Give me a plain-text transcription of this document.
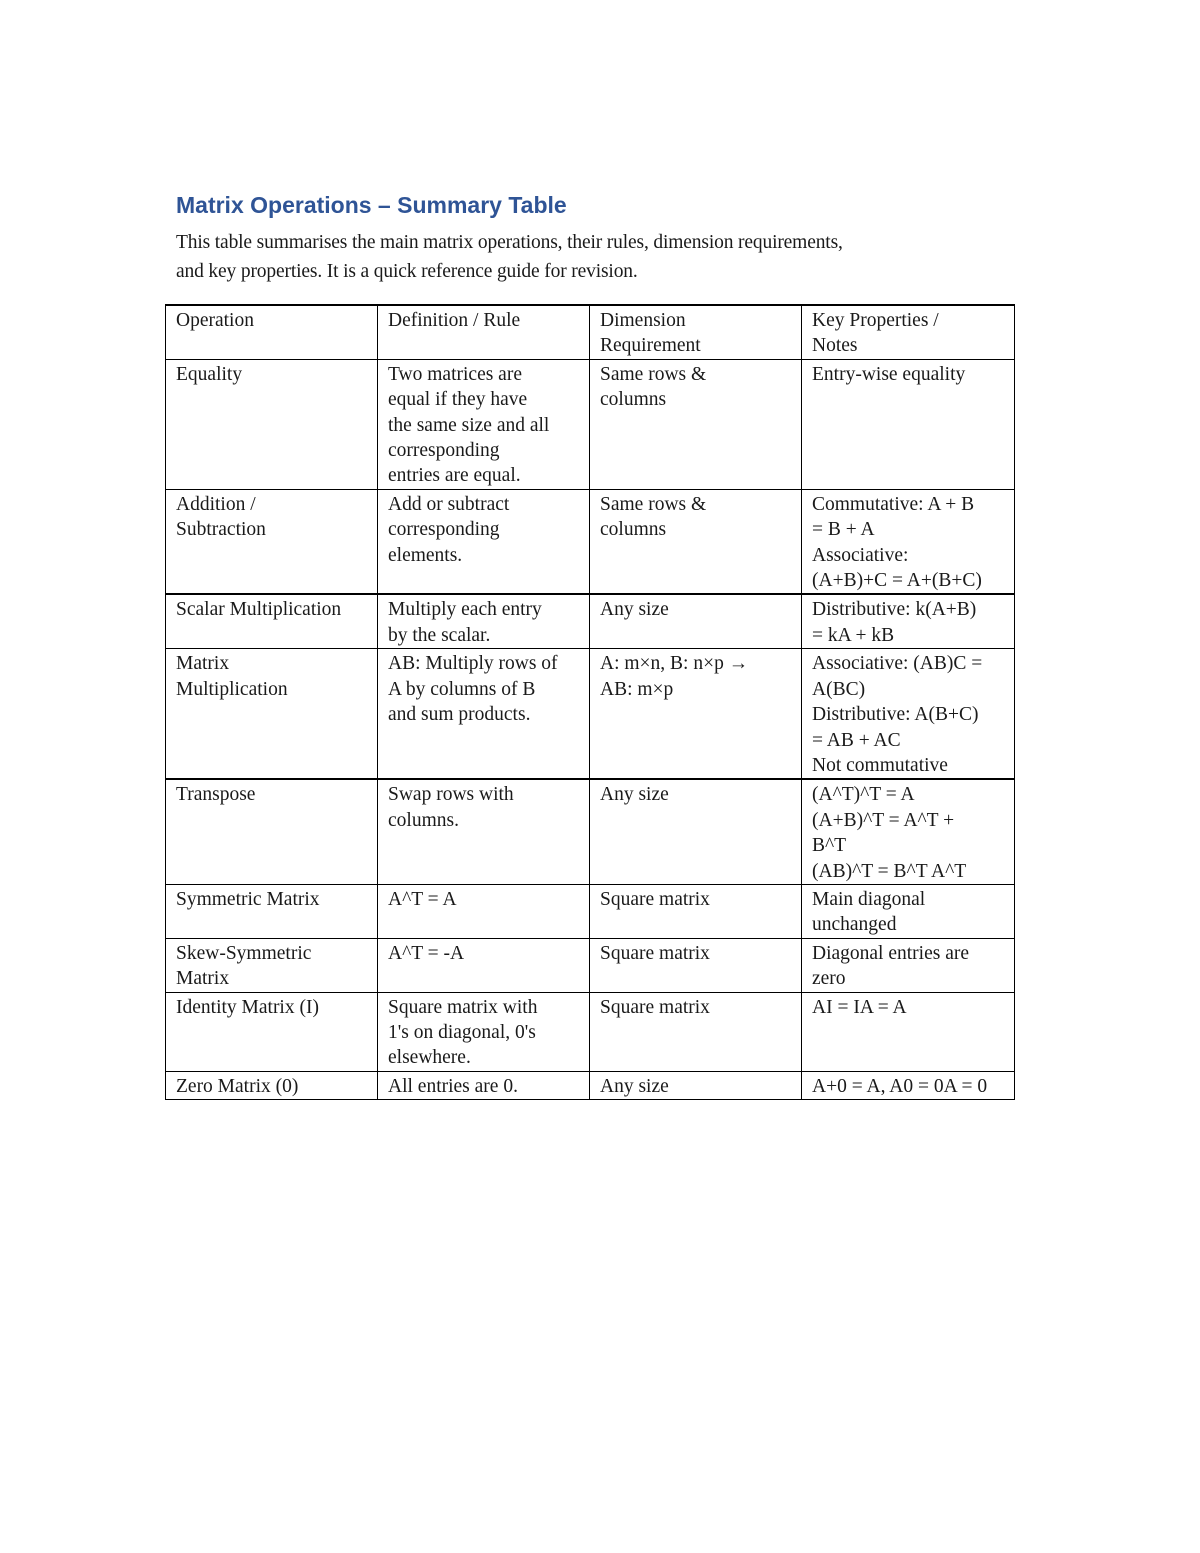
Matrix Operations – Summary Table

This table summarises the main matrix operations, their rules, dimension requirements,
and key properties. It is a quick reference guide for revision.

Operation	Definition / Rule	Dimension
Requirement	Key Properties /
Notes

Equality	Two matrices are
equal if they have
the same size and all
corresponding
entries are equal.	Same rows &
columns	Entry-wise equality

Addition /
Subtraction	Add or subtract
corresponding
elements.	Same rows &
columns	Commutative: A + B
= B + A
Associative:
(A+B)+C = A+(B+C)

Scalar Multiplication	Multiply each entry
by the scalar.	Any size	Distributive: k(A+B)
= kA + kB

Matrix
Multiplication	AB: Multiply rows of
A by columns of B
and sum products.	A: m×n, B: n×p →
AB: m×p	Associative: (AB)C =
A(BC)
Distributive: A(B+C)
= AB + AC
Not commutative

Transpose	Swap rows with
columns.	Any size	(A^T)^T = A
(A+B)^T = A^T +
B^T
(AB)^T = B^T A^T

Symmetric Matrix	A^T = A	Square matrix	Main diagonal
unchanged

Skew-Symmetric
Matrix	A^T = -A	Square matrix	Diagonal entries are
zero

Identity Matrix (I)	Square matrix with
1's on diagonal, 0's
elsewhere.	Square matrix	AI = IA = A

Zero Matrix (0)	All entries are 0.	Any size	A+0 = A, A0 = 0A = 0
